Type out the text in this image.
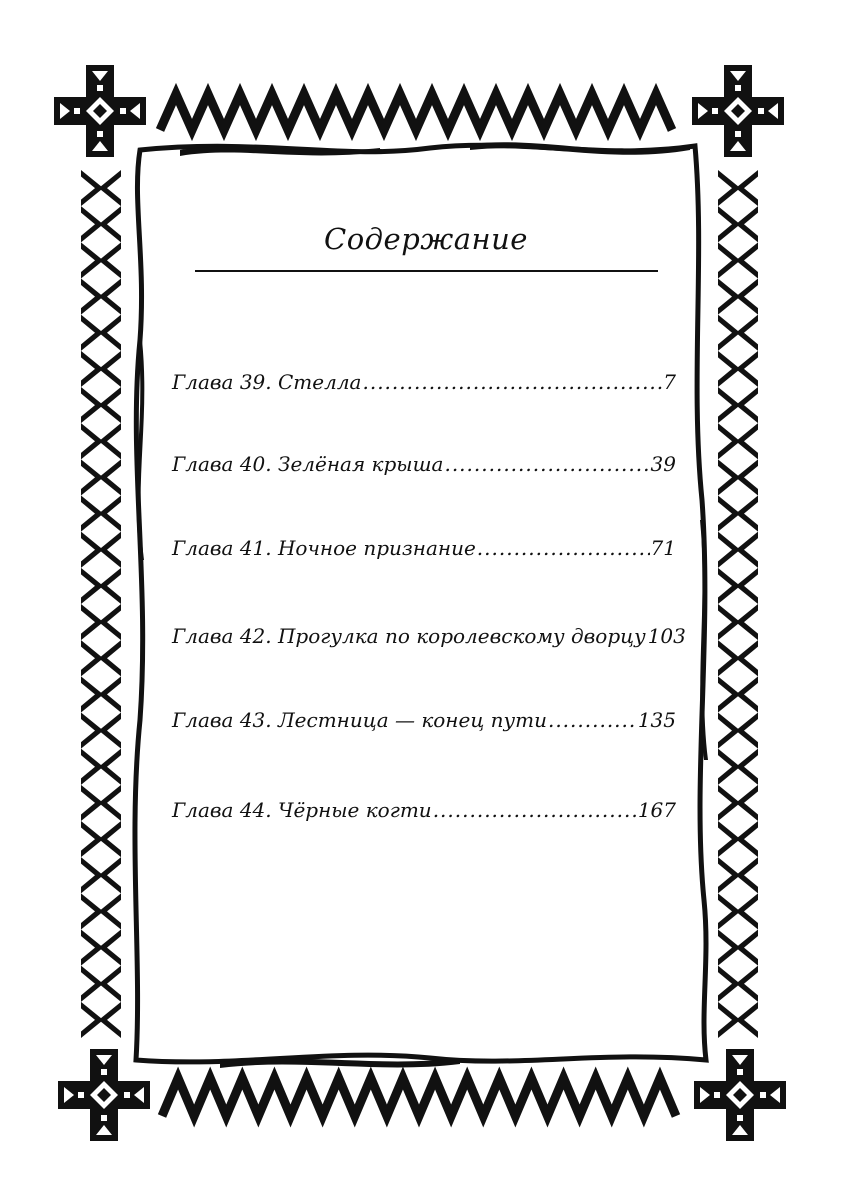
Содержание
Глава 39. Стелла .....	7
Глава 40. Зелёная крыша .....	39
Глава 41. Ночное признание .....	71
Глава 42. Прогулка по королевскому дворцу 103
Глава 43. Лестница — конец пути .....	135
Глава 44. Чёрные когти .....	167
